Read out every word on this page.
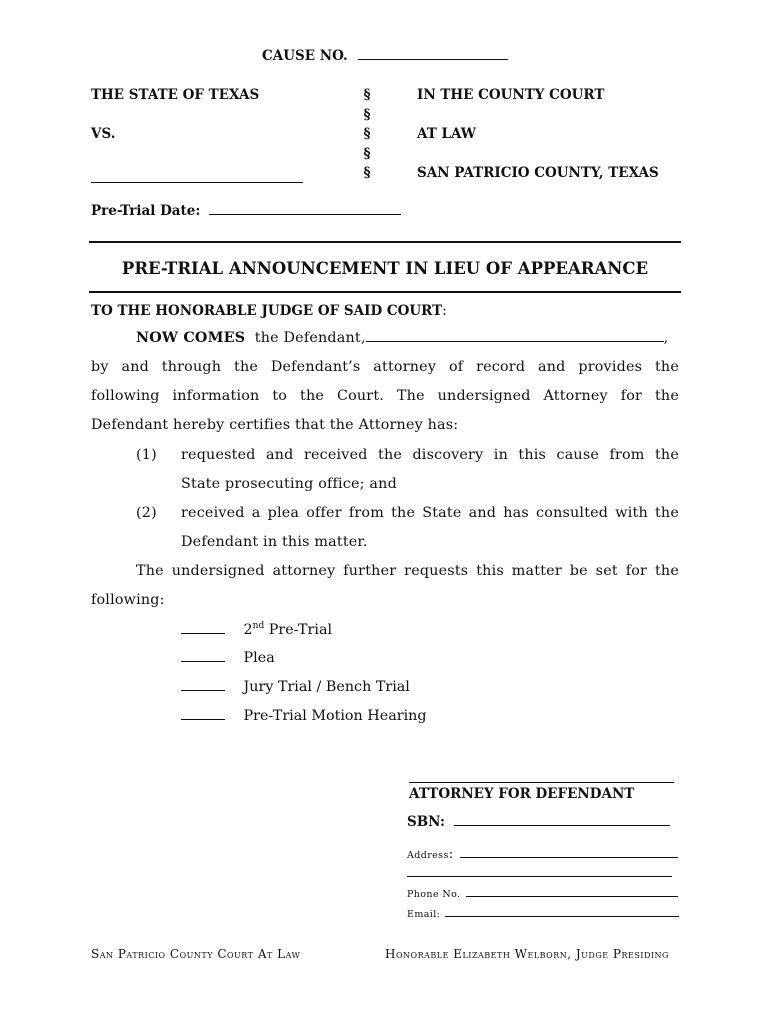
CAUSE NO.
THE STATE OF TEXAS
VS.
§
§
§
§
§
IN THE COUNTY COURT
AT LAW
SAN PATRICIO COUNTY, TEXAS
Pre-Trial Date:
PRE-TRIAL ANNOUNCEMENT IN LIEU OF APPEARANCE
TO THE HONORABLE JUDGE OF SAID COURT:
NOW COMES the Defendant,	,
by and through the Defendant’s attorney of record and provides the
following information to the Court. The undersigned Attorney for the
Defendant hereby certifies that the Attorney has:
(1) requested and received the discovery in this cause from the
State prosecuting office; and
(2) received a plea offer from the State and has consulted with the
Defendant in this matter.
The undersigned attorney further requests this matter be set for the
following:
2nd Pre-Trial
Plea
Jury Trial / Bench Trial
Pre-Trial Motion Hearing
ATTORNEY FOR DEFENDANT
SBN:
Address:
Phone No.
Email:
San Patricio County Court At Law	Honorable Elizabeth Welborn, Judge Presiding
